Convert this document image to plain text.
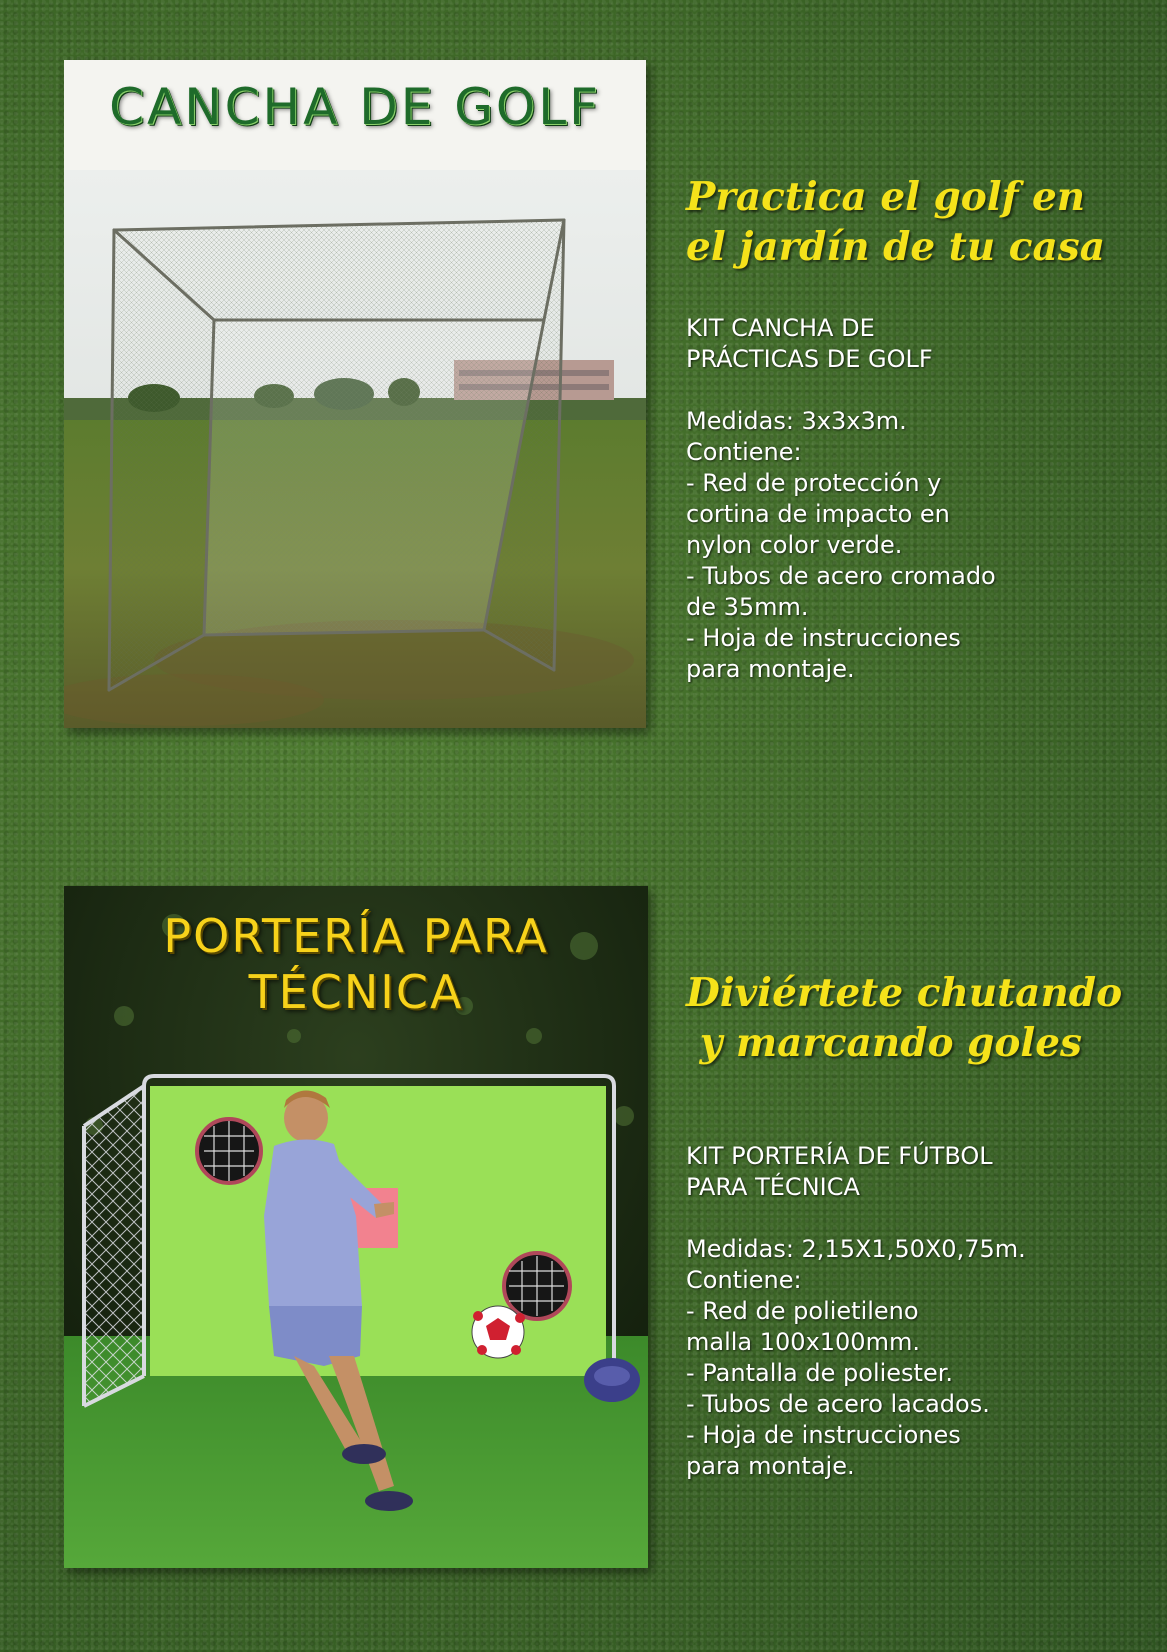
CANCHA DE GOLF
Practica el golf en
el jardín de tu casa
KIT CANCHA DE
PRÁCTICAS DE GOLF
Medidas: 3x3x3m.
Contiene:
- Red de protección y
cortina de impacto en
nylon color verde.
- Tubos de acero cromado
de 35mm.
- Hoja de instrucciones
para montaje.
PORTERÍA PARA
TÉCNICA	Diviértete chutando
y marcando goles
KIT PORTERÍA DE FÚTBOL
PARA TÉCNICA
Medidas: 2,15X1,50X0,75m.
Contiene:
- Red de polietileno
malla 100x100mm.
- Pantalla de poliester.
- Tubos de acero lacados.
- Hoja de instrucciones
para montaje.
